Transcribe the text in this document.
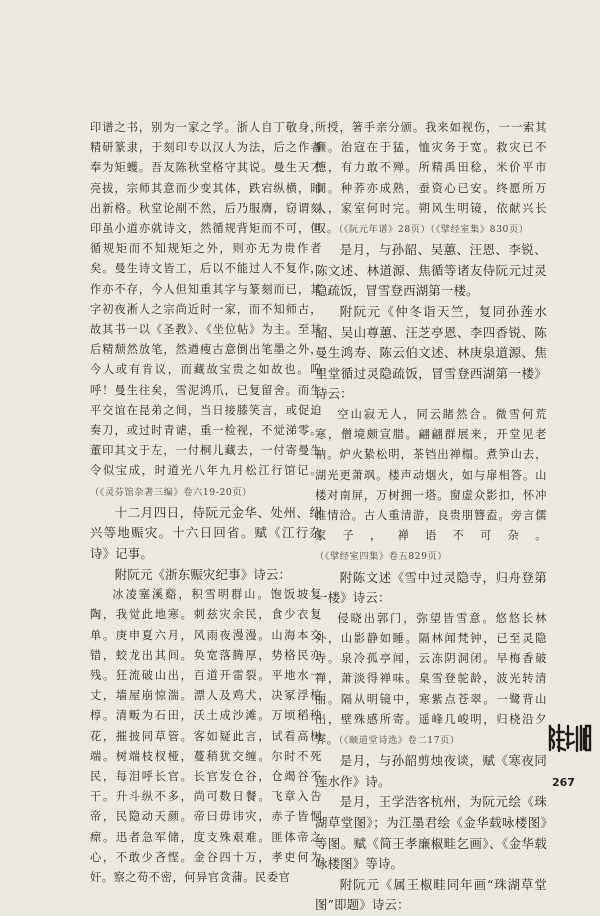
印谱之书，别为一家之学。浙人自丁敬身，精研篆隶，于刻印专以汉人为法，后之作者奉为矩蠖。吾友陈秋堂格守其说。曼生天才亮拔，宗师其意而少变其体，跌宕纵横，时出新格。秋堂论剐不然，后乃服膺，窃谓刻印虽小道亦就诗文，然循规背矩而不可，但循规矩而不知规矩之外，则亦无为贵作者矣。曼生诗文皆工，后以不能过人不复作，作亦不存，今人但知重其字与篆刻而已，其字初夜淅人之宗尚近时一家，而不知师古，故其书一以《圣教》、《坐位帖》为主。至其后精颓然放笔，然遒瘦古意倒出笔墨之外，今人或有肯议，而藏故宝贵之如故也。呜呼！曼生往矣，雪泥鸿爪，已复留舍。而生平交谊在昆弟之间，当日接膝笑言，或促迫奏刀，或过时青谑，重一检视，不觉涕零。董印其文于左，一付桐儿藏去，一付寄曼生令似宝成，时道光八年九月松江行馆记。（《灵芬馆杂著三编》卷六19-20页）

十二月四日，侍阮元金华、处州、绍兴等地赈灾。十六日回省。赋《江行杂诗》记事。

附阮元《浙东赈灾纪事》诗云：

冰凌塞溪谿，积雪明群山。饱饭坡复陶，我觉此地寒。刺兹灾余民，食少衣复单。庚申夏六月，风雨夜漫漫。山海本交错，蛟龙出其间。奂宽落腾厚，势格民亦残。狂流破山出，百道开雷裂。平地水一丈，墙屋崩惊湍。漂人及鸡犬，决冢浮棺椁。清畈为石田，沃土成沙滩。万顷稻秧花，摧披同草管。客如疑此言，试看高树端。树端枝杈桠，蔓稍犹交缠。尔时不死民，每泪呼长官。长官发仓谷，仓竭谷不干。升斗纵不多，尚可数日餐。飞章入告帝，民隐动天颜。帝曰毋讳灾，赤子皆恫瘝。迅者急军储，度支殊艰难。匪体帝之心，不敢少吝悭。金谷四十万，孝吏何为奸。察之苟不密，何异官贪蒲。民委官

所授，箸手亲分颁。我来如视伤，一一索其癞。治寇在于猛，恤灾务于宽。救灾已不德，有力敢不殚。所精禹田稔，米价平市阛。种荞亦成熟，蚕资心已安。终愿所万人，家室何时完。朔风生明镜，依献兴长叹。（《阮元年谱》28页）（《擘经室集》830页）

是月，与孙韶、吴蕙、汪恩、李锐、陈文述、林道源、焦循等诸友侍阮元过灵隐疏饭，冒雪登西湖第一楼。

附阮元《仲冬诣天竺，复同孙莲水韶、吴山尊蕙、汪芝亭恩、李四香锐、陈曼生鸿寿、陈云伯文述、林庚泉道源、焦里堂循过灵隐疏饭，冒雪登西湖第一楼》诗云：

空山寂无人，同云睹然合。微雪何荒寒，僧境颇宣腊。翩翩群展来，开堂见老衲。炉火絷松明，茶铛出禅榻。煮笋山去，湖光更萧飒。楼声动烟火，如与扉相答。山楼对南屏，万树拥一塔。窗虚众影扣，怀冲推情洽。古人重清游，良贵朋簪盍。旁言儒家子，禅语不可杂。（《擘经室四集》卷五829页）

附陈文述《雪中过灵隐寺，归舟登第一楼》诗云：

侵晓出郭门，弥望皆雪意。悠悠长林外，山影静如睡。隔林闻梵钟，已至灵隐寺。泉冷孤亭闻，云冻阴洞闭。早梅香破禅，萧淡得禅味。臬雪登鸵龄，波光转清丽。隔从明镜中，寒紫点苍翠。一鹭背山出，壁殊感所寄。遥峰几峻明，归桡沿夕霁。（《颐道堂诗选》卷二17页）

是月，与孙韶剪烛夜谈，赋《寒夜同莲水作》诗。

是月，王学浩客杭州，为阮元绘《珠湖草堂图》；为江墨君绘《金华载咏楼图》等图。赋《简王孝廉椒畦乞画》、《金华载咏楼图》等诗。

附阮元《属王椒畦同年画“珠湖草堂图”即题》诗云：

267
